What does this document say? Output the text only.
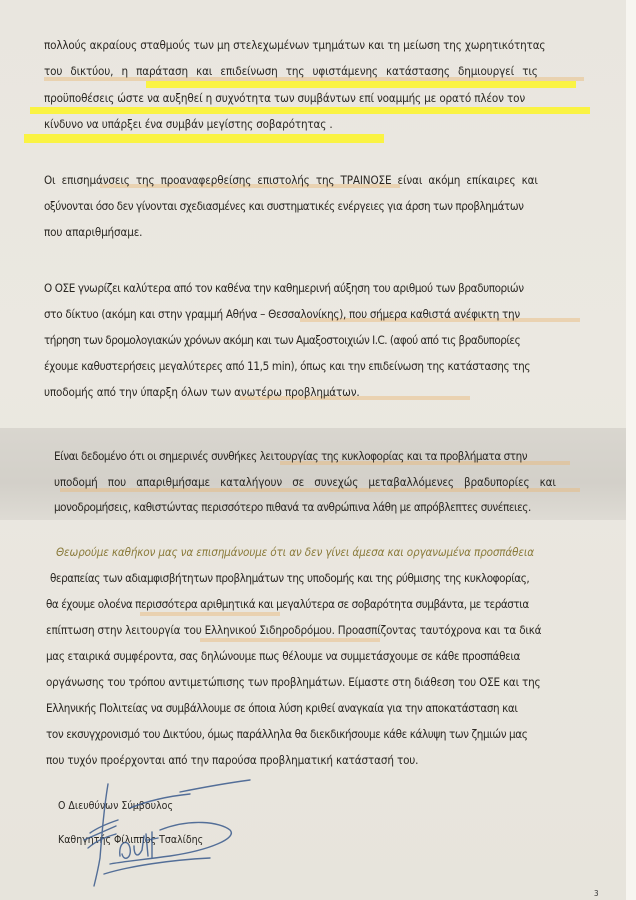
πολλούς ακραίους σταθμούς των μη στελεχωμένων τμημάτων και τη μείωση της χωρητικότητας
του δικτύου, η παράταση και επιδείνωση της υφιστάμενης κατάστασης δημιουργεί τις
προϋποθέσεις ώστε να αυξηθεί η συχνότητα των συμβάντων επί νοαμμής με ορατό πλέον τον
κίνδυνο να υπάρξει ένα συμβάν μεγίστης σοβαρότητας .
Οι επισημάνσεις της προαναφερθείσης επιστολής της ΤΡΑΙΝΟΣΕ είναι ακόμη επίκαιρες και
οξύνονται όσο δεν γίνονται σχεδιασμένες και συστηματικές ενέργειες για άρση των προβλημάτων
που απαριθμήσαμε.
Ο ΟΣΕ γνωρίζει καλύτερα από τον καθένα την καθημερινή αύξηση του αριθμού των βραδυποριών
στο δίκτυο (ακόμη και στην γραμμή Αθήνα – Θεσσαλονίκης), που σήμερα καθιστά ανέφικτη την
τήρηση των δρομολογιακών χρόνων ακόμη και των Αμαξοστοιχιών I.C. (αφού από τις βραδυπορίες
έχουμε καθυστερήσεις μεγαλύτερες από 11,5 min), όπως και την επιδείνωση της κατάστασης της
υποδομής από την ύπαρξη όλων των ανωτέρω προβλημάτων.
Είναι δεδομένο ότι οι σημερινές συνθήκες λειτουργίας της κυκλοφορίας και τα προβλήματα στην
υποδομή που απαριθμήσαμε καταλήγουν σε συνεχώς μεταβαλλόμενες βραδυπορίες και
μονοδρομήσεις, καθιστώντας περισσότερο πιθανά τα ανθρώπινα λάθη με απρόβλεπτες συνέπειες.
Θεωρούμε καθήκον μας να επισημάνουμε ότι αν δεν γίνει άμεσα και οργανωμένα προσπάθεια
θεραπείας των αδιαμφισβήτητων προβλημάτων της υποδομής και της ρύθμισης της κυκλοφορίας,
θα έχουμε ολοένα περισσότερα αριθμητικά και μεγαλύτερα σε σοβαρότητα συμβάντα, με τεράστια
επίπτωση στην λειτουργία του Ελληνικού Σιδηροδρόμου. Προασπίζοντας ταυτόχρονα και τα δικά
μας εταιρικά συμφέροντα, σας δηλώνουμε πως θέλουμε να συμμετάσχουμε σε κάθε προσπάθεια
οργάνωσης του τρόπου αντιμετώπισης των προβλημάτων. Είμαστε στη διάθεση του ΟΣΕ και της
Ελληνικής Πολιτείας να συμβάλλουμε σε όποια λύση κριθεί αναγκαία για την αποκατάσταση και
τον εκσυγχρονισμό του Δικτύου, όμως παράλληλα θα διεκδικήσουμε κάθε κάλυψη των ζημιών μας
που τυχόν προέρχονται από την παρούσα προβληματική κατάστασή του.
Ο Διευθύνων Σύμβουλος
Καθηγητής Φίλιππος Τσαλίδης
3
